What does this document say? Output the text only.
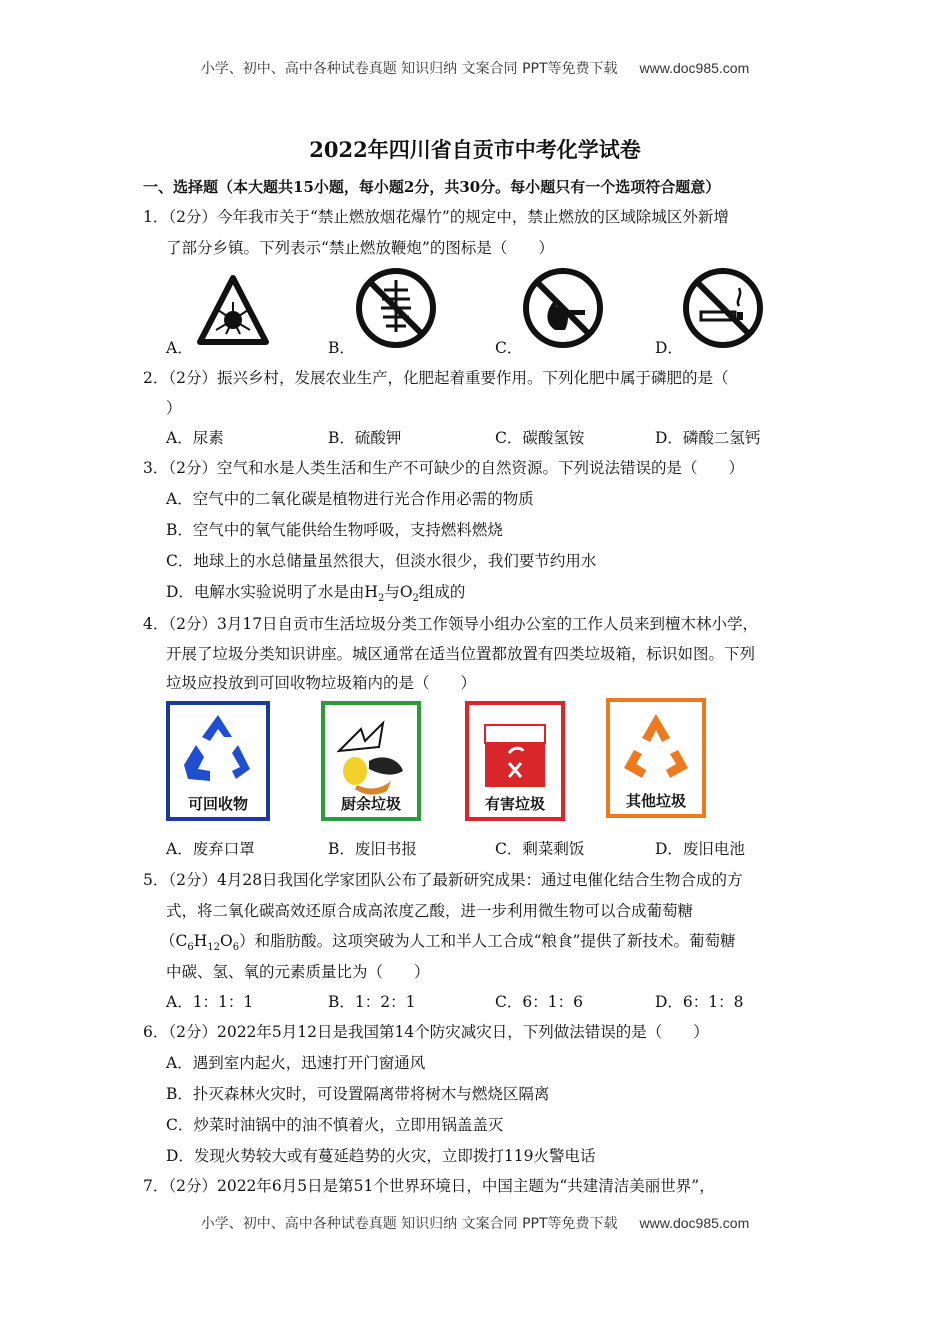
小学、初中、高中各种试卷真题 知识归纳 文案合同 PPT等免费下载 www.doc985.com
2022年四川省自贡市中考化学试卷
一、选择题（本大题共15小题，每小题2分，共30分。每小题只有一个选项符合题意）
1．（2分）今年我市关于“禁止燃放烟花爆竹”的规定中，禁止燃放的区域除城区外新增
了部分乡镇。下列表示“禁止燃放鞭炮”的图标是（　　）
A．	B．	C．	D．
2．（2分）振兴乡村，发展农业生产，化肥起着重要作用。下列化肥中属于磷肥的是（
）
A．尿素	B．硫酸钾	C．碳酸氢铵	D．磷酸二氢钙
3．（2分）空气和水是人类生活和生产不可缺少的自然资源。下列说法错误的是（　　）
A．空气中的二氧化碳是植物进行光合作用必需的物质
B．空气中的氧气能供给生物呼吸，支持燃料燃烧
C．地球上的水总储量虽然很大，但淡水很少，我们要节约用水
D．电解水实验说明了水是由$H_2$与$O_2$组成的
4．（2分）3月17日自贡市生活垃圾分类工作领导小组办公室的工作人员来到檀木林小学，
开展了垃圾分类知识讲座。城区通常在适当位置都放置有四类垃圾箱，标识如图。下列
垃圾应投放到可回收物垃圾箱内的是（　　）
可回收物	厨余垃圾	有害垃圾	其他垃圾
A．废弃口罩	B．废旧书报	C．剩菜剩饭	D．废旧电池
5．（2分）4月28日我国化学家团队公布了最新研究成果：通过电催化结合生物合成的方
式，将二氧化碳高效还原合成高浓度乙酸，进一步利用微生物可以合成葡萄糖
$(C_6H_{12}O_6)$和脂肪酸。这项突破为人工和半人工合成“粮食”提供了新技术。葡萄糖
中碳、氢、氧的元素质量比为（　　）
A．1：1：1	B．1：2：1	C．6：1：6	D．6：1：8
6．（2分）2022年5月12日是我国第14个防灾减灾日，下列做法错误的是（　　）
A．遇到室内起火，迅速打开门窗通风
B．扑灭森林火灾时，可设置隔离带将树木与燃烧区隔离
C．炒菜时油锅中的油不慎着火，立即用锅盖盖灭
D．发现火势较大或有蔓延趋势的火灾，立即拨打119火警电话
7．（2分）2022年6月5日是第51个世界环境日，中国主题为“共建清洁美丽世界”，
小学、初中、高中各种试卷真题 知识归纳 文案合同 PPT等免费下载 www.doc985.com
